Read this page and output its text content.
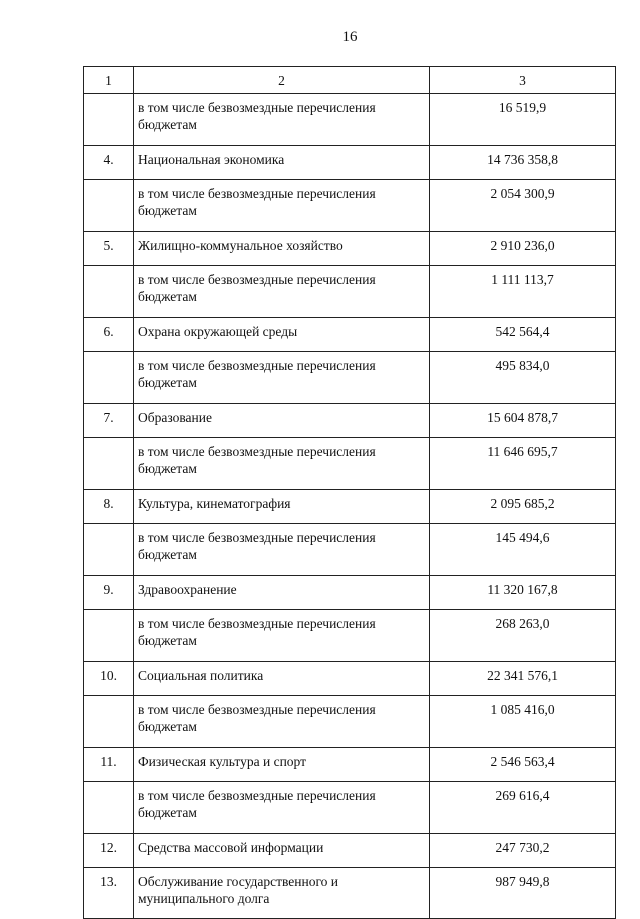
16
1	2	3
	в том числе безвозмездные перечисления бюджетам	16 519,9
4.	Национальная экономика	14 736 358,8
	в том числе безвозмездные перечисления бюджетам	2 054 300,9
5.	Жилищно-коммунальное хозяйство	2 910 236,0
	в том числе безвозмездные перечисления бюджетам	1 111 113,7
6.	Охрана окружающей среды	542 564,4
	в том числе безвозмездные перечисления бюджетам	495 834,0
7.	Образование	15 604 878,7
	в том числе безвозмездные перечисления бюджетам	11 646 695,7
8.	Культура, кинематография	2 095 685,2
	в том числе безвозмездные перечисления бюджетам	145 494,6
9.	Здравоохранение	11 320 167,8
	в том числе безвозмездные перечисления бюджетам	268 263,0
10.	Социальная политика	22 341 576,1
	в том числе безвозмездные перечисления бюджетам	1 085 416,0
11.	Физическая культура и спорт	2 546 563,4
	в том числе безвозмездные перечисления бюджетам	269 616,4
12.	Средства массовой информации	247 730,2
13.	Обслуживание государственного и муниципального долга	987 949,8
